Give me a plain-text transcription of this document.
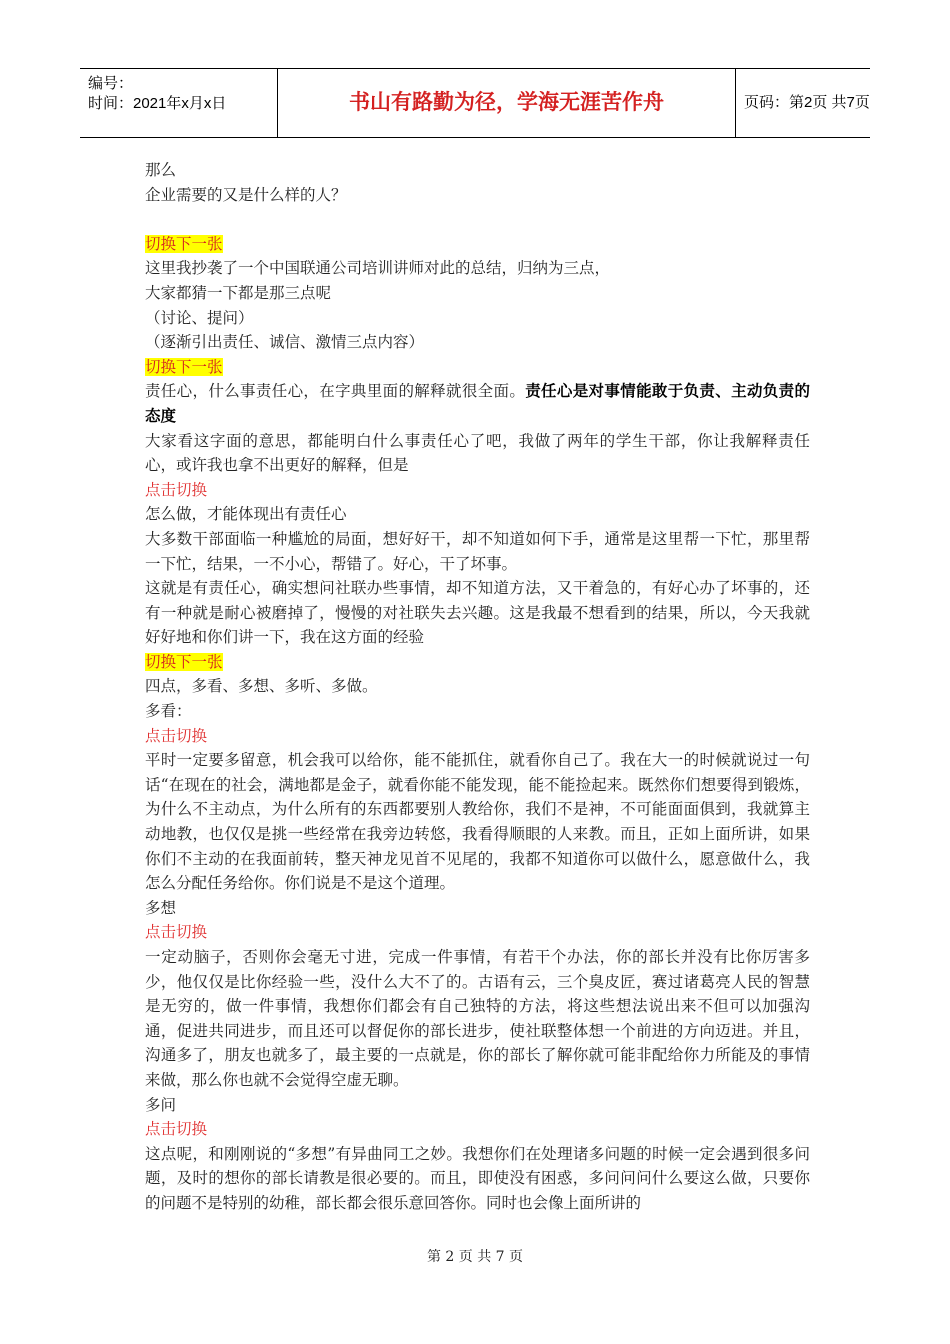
编号：
时间：2021年x月x日	书山有路勤为径，学海无涯苦作舟	页码：第2页 共7页
那么
企业需要的又是什么样的人？
切换下一张
这里我抄袭了一个中国联通公司培训讲师对此的总结，归纳为三点，
大家都猜一下都是那三点呢
（讨论、提问）
（逐渐引出责任、诚信、激情三点内容）
切换下一张
责任心，什么事责任心，在字典里面的解释就很全面。责任心是对事情能敢于负责、主动负责的态度
大家看这字面的意思，都能明白什么事责任心了吧，我做了两年的学生干部，你让我解释责任心，或许我也拿不出更好的解释，但是
点击切换
怎么做，才能体现出有责任心
大多数干部面临一种尴尬的局面，想好好干，却不知道如何下手，通常是这里帮一下忙，那里帮一下忙，结果，一不小心，帮错了。好心，干了坏事。
这就是有责任心，确实想问社联办些事情，却不知道方法，又干着急的，有好心办了坏事的，还有一种就是耐心被磨掉了，慢慢的对社联失去兴趣。这是我最不想看到的结果，所以，今天我就好好地和你们讲一下，我在这方面的经验
切换下一张
四点，多看、多想、多听、多做。
多看：
点击切换
平时一定要多留意，机会我可以给你，能不能抓住，就看你自己了。我在大一的时候就说过一句话“在现在的社会，满地都是金子，就看你能不能发现，能不能捡起来。既然你们想要得到锻炼，为什么不主动点，为什么所有的东西都要别人教给你，我们不是神，不可能面面俱到，我就算主动地教，也仅仅是挑一些经常在我旁边转悠，我看得顺眼的人来教。而且，正如上面所讲，如果你们不主动的在我面前转，整天神龙见首不见尾的，我都不知道你可以做什么，愿意做什么，我怎么分配任务给你。你们说是不是这个道理。
多想
点击切换
一定动脑子，否则你会毫无寸进，完成一件事情，有若干个办法，你的部长并没有比你厉害多少，他仅仅是比你经验一些，没什么大不了的。古语有云，三个臭皮匠，赛过诸葛亮人民的智慧是无穷的，做一件事情，我想你们都会有自己独特的方法，将这些想法说出来不但可以加强沟通，促进共同进步，而且还可以督促你的部长进步，使社联整体想一个前进的方向迈进。并且，沟通多了，朋友也就多了，最主要的一点就是，你的部长了解你就可能非配给你力所能及的事情来做，那么你也就不会觉得空虚无聊。
多问
点击切换
这点呢，和刚刚说的“多想”有异曲同工之妙。我想你们在处理诸多问题的时候一定会遇到很多问题，及时的想你的部长请教是很必要的。而且，即使没有困惑，多问问问什么要这么做，只要你的问题不是特别的幼稚，部长都会很乐意回答你。同时也会像上面所讲的
第 2 页 共 7 页
